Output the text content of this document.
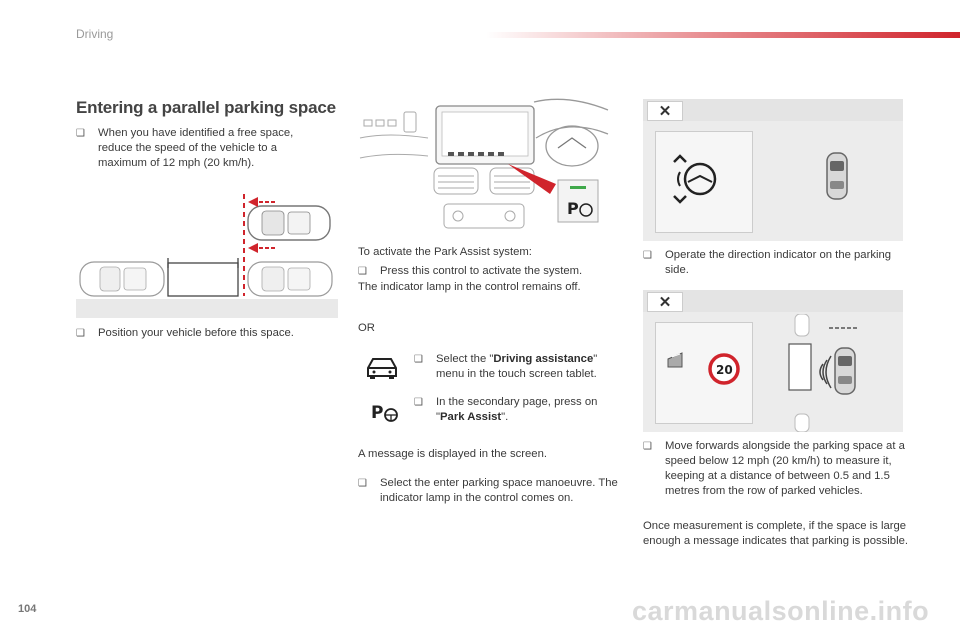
Driving
Entering a parallel parking space
❑ When you have identified a free space, reduce the speed of the vehicle to a maximum of 12 mph (20 km/h).
❑ Position your vehicle before this space.
P
To activate the Park Assist system:
❑ Press this control to activate the system.
The indicator lamp in the control remains off.
OR
❑ Select the "Driving assistance" menu in the touch screen tablet.
P
❑ In the secondary page, press on "Park Assist".
A message is displayed in the screen.
❑ Select the enter parking space manoeuvre. The indicator lamp in the control comes on.
✕
❑ Operate the direction indicator on the parking side.
✕
20
❑ Move forwards alongside the parking space at a speed below 12 mph (20 km/h) to measure it, keeping at a distance of between 0.5 and 1.5 metres from the row of parked vehicles.
Once measurement is complete, if the space is large enough a message indicates that parking is possible.
104	carmanualsonline.info
